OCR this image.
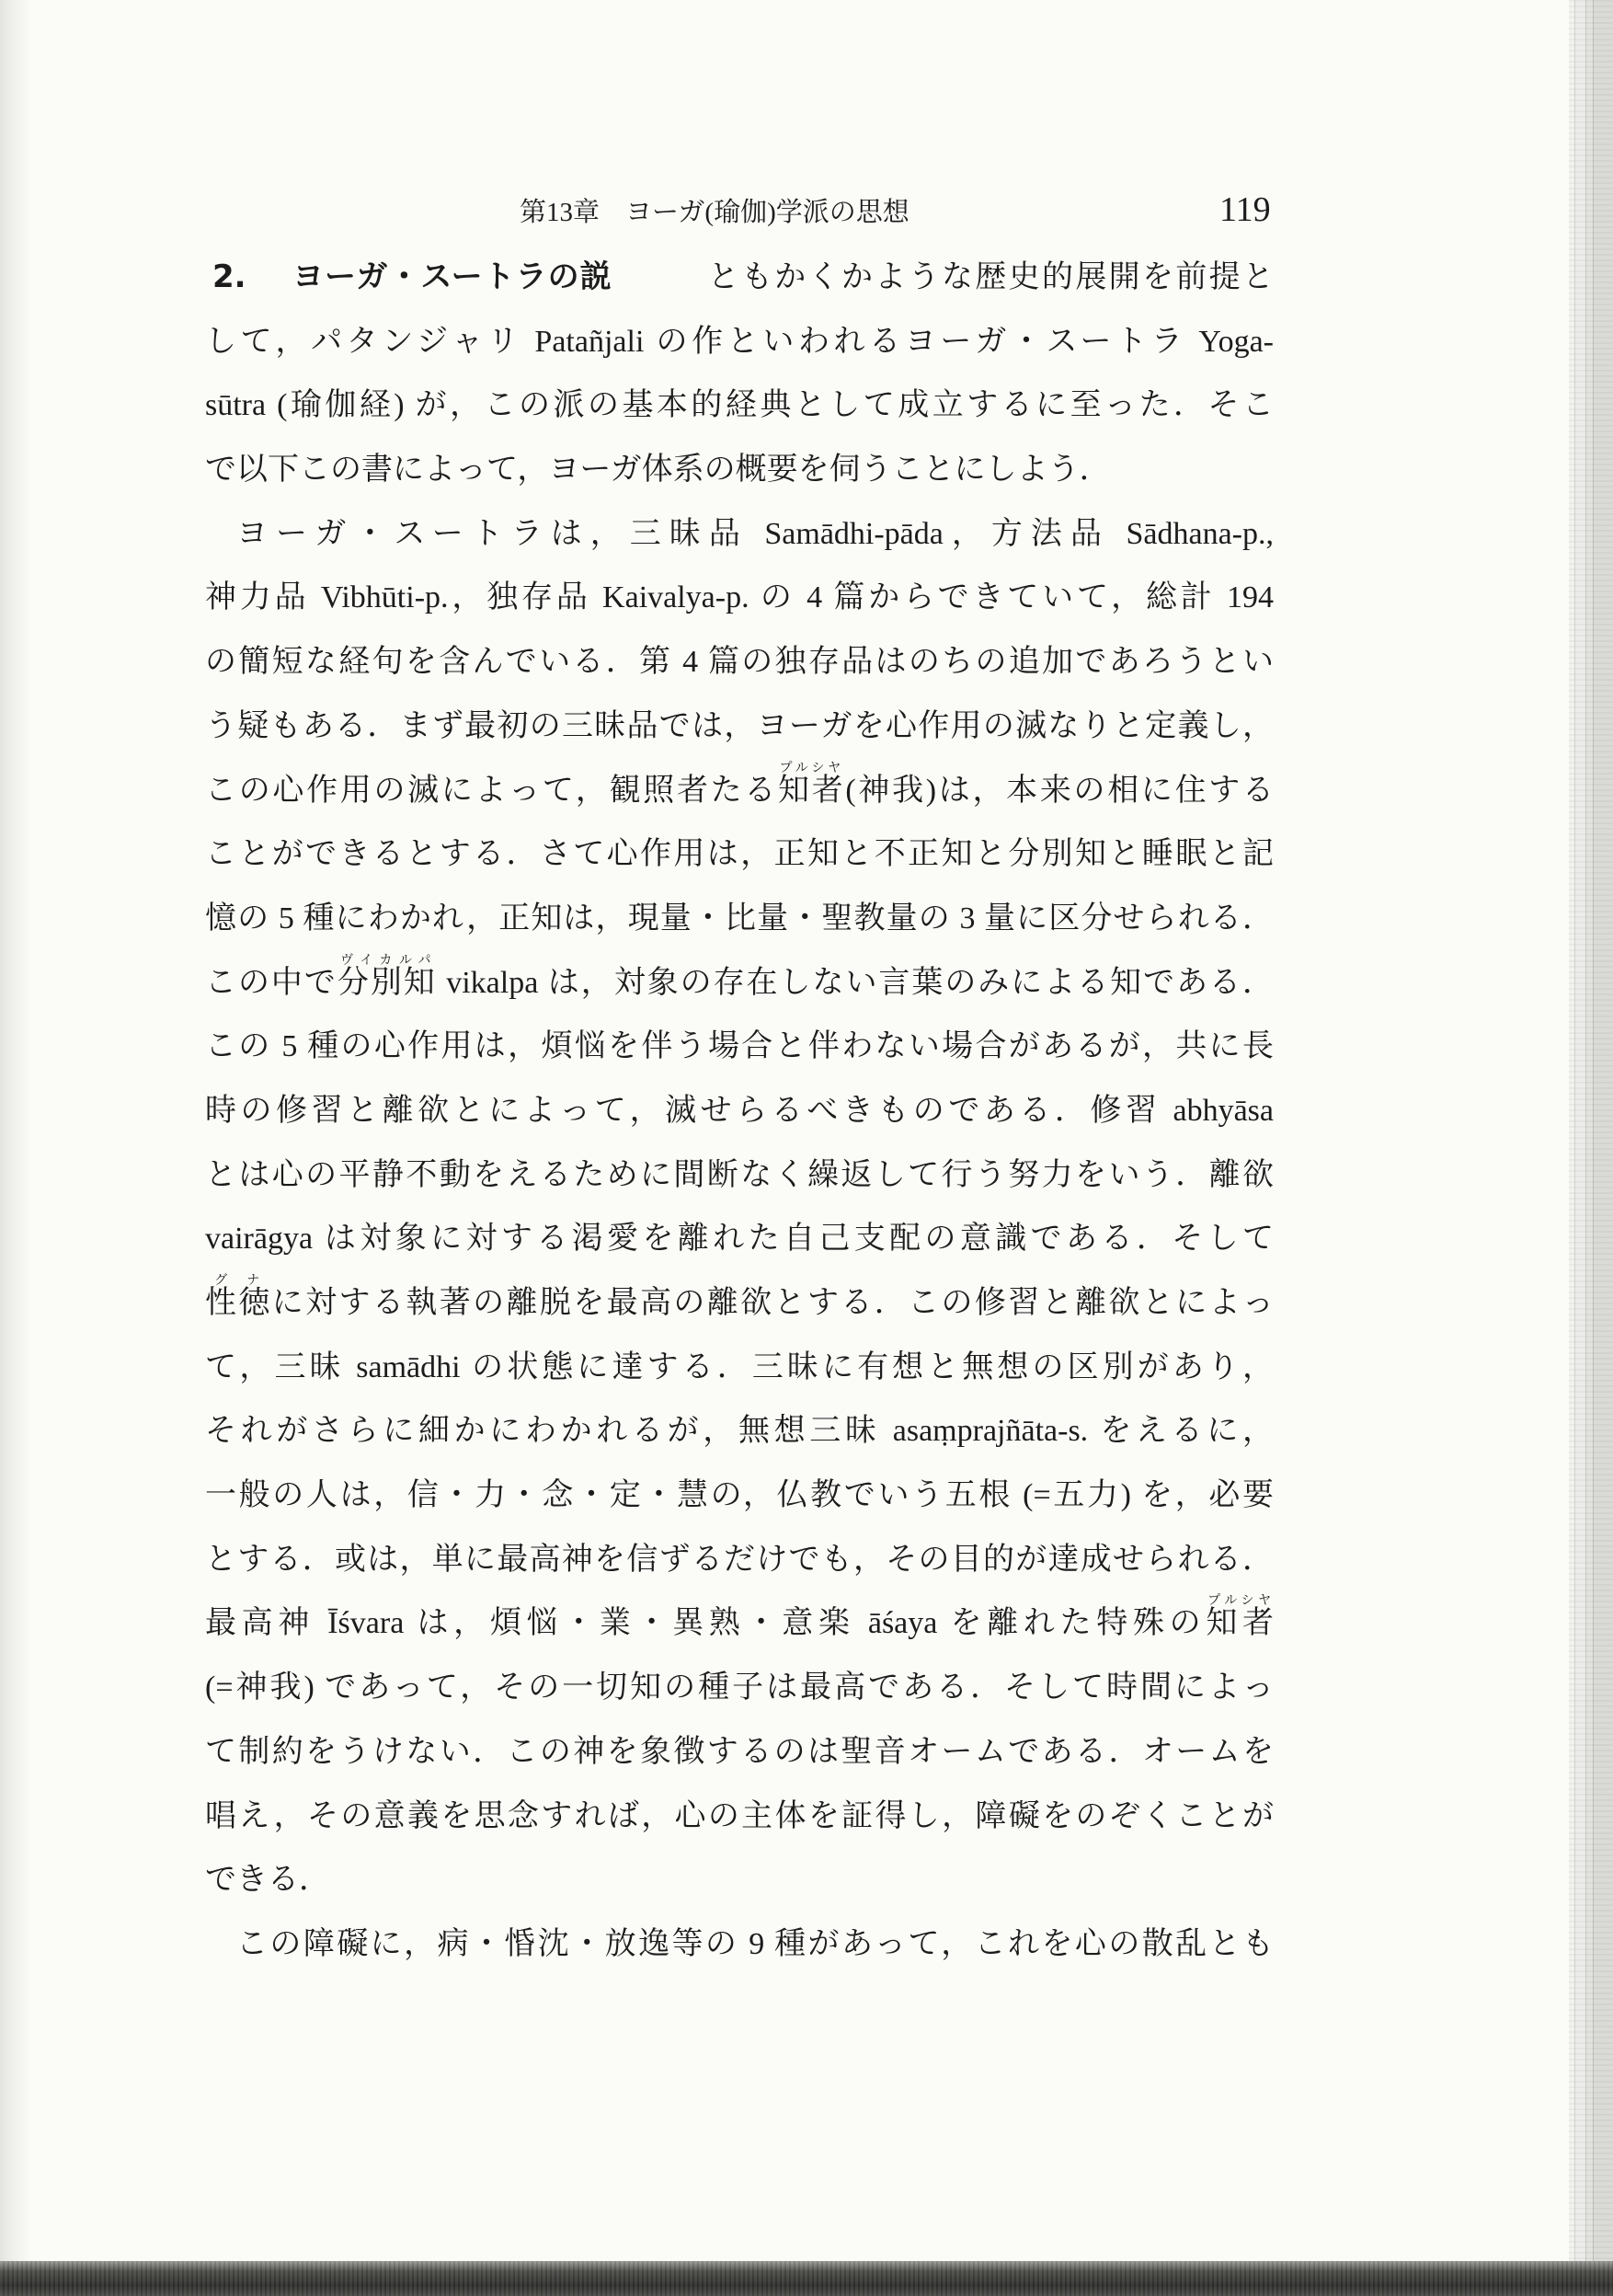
第13章 ヨーガ(瑜伽)学派の思想	119
2.	ヨーガ・スートラの説	ともかくかような歴史的展開を前提と
して，パタンジャリ Patañjali の作といわれるヨーガ・スートラ Yoga-
sūtra (瑜伽経) が，この派の基本的経典として成立するに至った．そこ
で以下この書によって，ヨーガ体系の概要を伺うことにしよう．
ヨーガ・スートラは，三昧品 Samādhi-pāda，方法品 Sādhana-p.,
神力品 Vibhūti-p.，独存品 Kaivalya-p. の 4 篇からできていて，総計 194
の簡短な経句を含んでいる．第 4 篇の独存品はのちの追加であろうとい
う疑もある．まず最初の三昧品では，ヨーガを心作用の滅なりと定義し，
この心作用の滅によって，観照者たる知者プルシヤ(神我)は，本来の相に住する
ことができるとする．さて心作用は，正知と不正知と分別知と睡眠と記
憶の 5 種にわかれ，正知は，現量・比量・聖教量の 3 量に区分せられる．
この中で分別知ヴイカルパ vikalpa は，対象の存在しない言葉のみによる知である．
この 5 種の心作用は，煩悩を伴う場合と伴わない場合があるが，共に長
時の修習と離欲とによって，滅せらるべきものである．修習 abhyāsa
とは心の平静不動をえるために間断なく繰返して行う努力をいう．離欲
vairāgya は対象に対する渇愛を離れた自己支配の意識である．そして
性徳グナに対する執著の離脱を最高の離欲とする．この修習と離欲とによっ
て，三昧 samādhi の状態に達する．三昧に有想と無想の区別があり，
それがさらに細かにわかれるが，無想三昧 asaṃprajñāta-s. をえるに，
一般の人は，信・力・念・定・慧の，仏教でいう五根 (=五力) を，必要
とする．或は，単に最高神を信ずるだけでも，その目的が達成せられる．
最高神 Īśvara は，煩悩・業・異熟・意楽 āśaya を離れた特殊の知者プルシヤ
(=神我) であって，その一切知の種子は最高である．そして時間によっ
て制約をうけない．この神を象徴するのは聖音オームである．オームを
唱え，その意義を思念すれば，心の主体を証得し，障礙をのぞくことが
できる．
この障礙に，病・惛沈・放逸等の 9 種があって，これを心の散乱とも
